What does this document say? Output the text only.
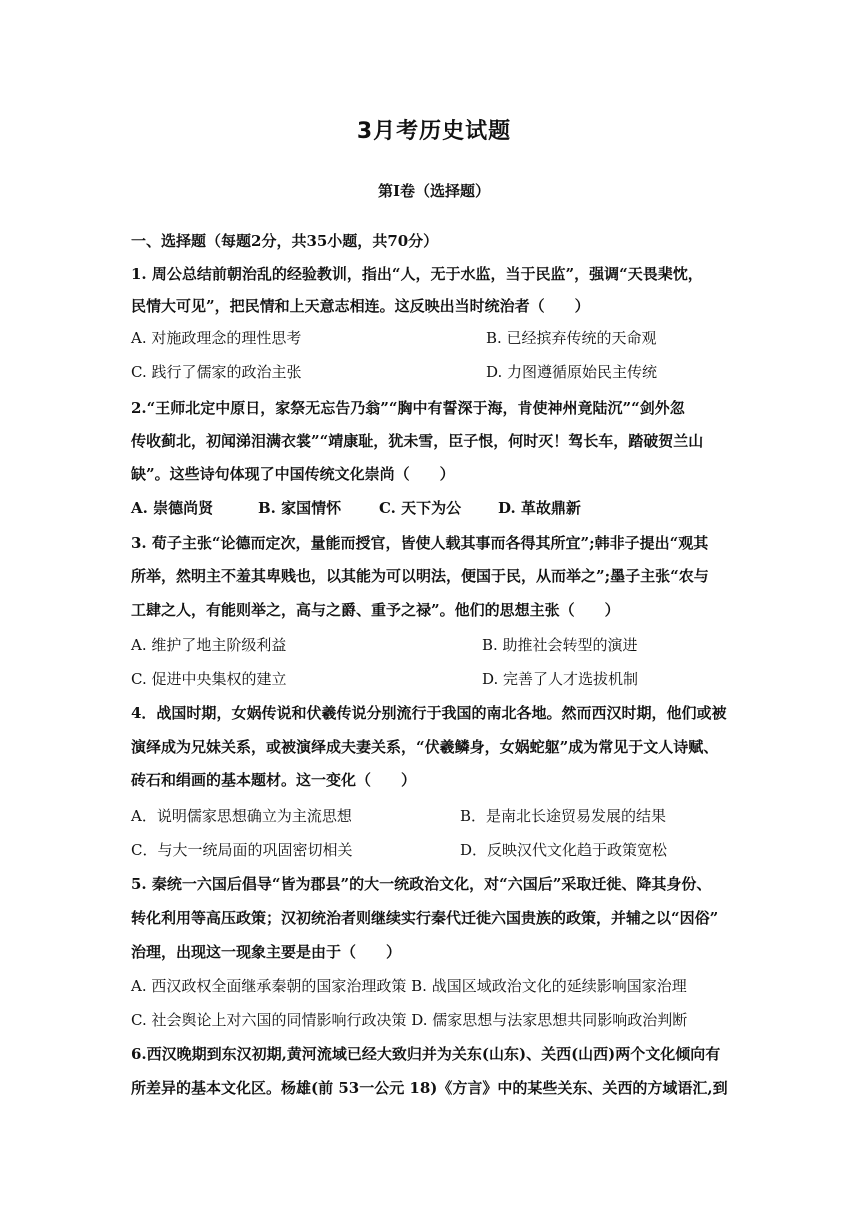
3月考历史试题
第Ⅰ卷（选择题）
一、选择题（每题2分，共35小题，共70分）
1. 周公总结前朝治乱的经验教训，指出“人，无于水监，当于民监”，强调“天畏棐忱，
民情大可见”，把民情和上天意志相连。这反映出当时统治者（　　）
A. 对施政理念的理性思考	B. 已经摈弃传统的天命观
C. 践行了儒家的政治主张	D. 力图遵循原始民主传统
2.“王师北定中原日，家祭无忘告乃翁”“胸中有誓深于海，肯使神州竟陆沉”“剑外忽
传收蓟北，初闻涕泪满衣裳”“靖康耻，犹未雪，臣子恨，何时灭！驾长车，踏破贺兰山
缺”。这些诗句体现了中国传统文化崇尚（　　）
A. 崇德尚贤	B. 家国情怀	C. 天下为公 D. 革故鼎新
3. 荀子主张“论德而定次，量能而授官，皆使人载其事而各得其所宜”;韩非子提出“观其
所举，然明主不羞其卑贱也，以其能为可以明法，便国于民，从而举之”;墨子主张“农与
工肆之人，有能则举之，高与之爵、重予之禄”。他们的思想主张（　　）
A. 维护了地主阶级利益	B. 助推社会转型的演进
C. 促进中央集权的建立	D. 完善了人才选拔机制
4．战国时期，女娲传说和伏羲传说分别流行于我国的南北各地。然而西汉时期，他们或被
演绎成为兄妹关系，或被演绎成夫妻关系，“伏羲鳞身，女娲蛇躯”成为常见于文人诗赋、
砖石和绢画的基本题材。这一变化（　　）
A．说明儒家思想确立为主流思想	B．是南北长途贸易发展的结果
C．与大一统局面的巩固密切相关	D．反映汉代文化趋于政策宽松
5. 秦统一六国后倡导“皆为郡县”的大一统政治文化，对“六国后”采取迁徙、降其身份、
转化利用等高压政策；汉初统治者则继续实行秦代迁徙六国贵族的政策，并辅之以“因俗”
治理，出现这一现象主要是由于（　　）
A. 西汉政权全面继承秦朝的国家治理政策 B. 战国区域政治文化的延续影响国家治理
C. 社会舆论上对六国的同情影响行政决策 D. 儒家思想与法家思想共同影响政治判断
6.西汉晚期到东汉初期,黄河流域已经大致归并为关东(山东)、关西(山西)两个文化倾向有
所差异的基本文化区。杨雄(前 53一公元 18)《方言》中的某些关东、关西的方域语汇,到
